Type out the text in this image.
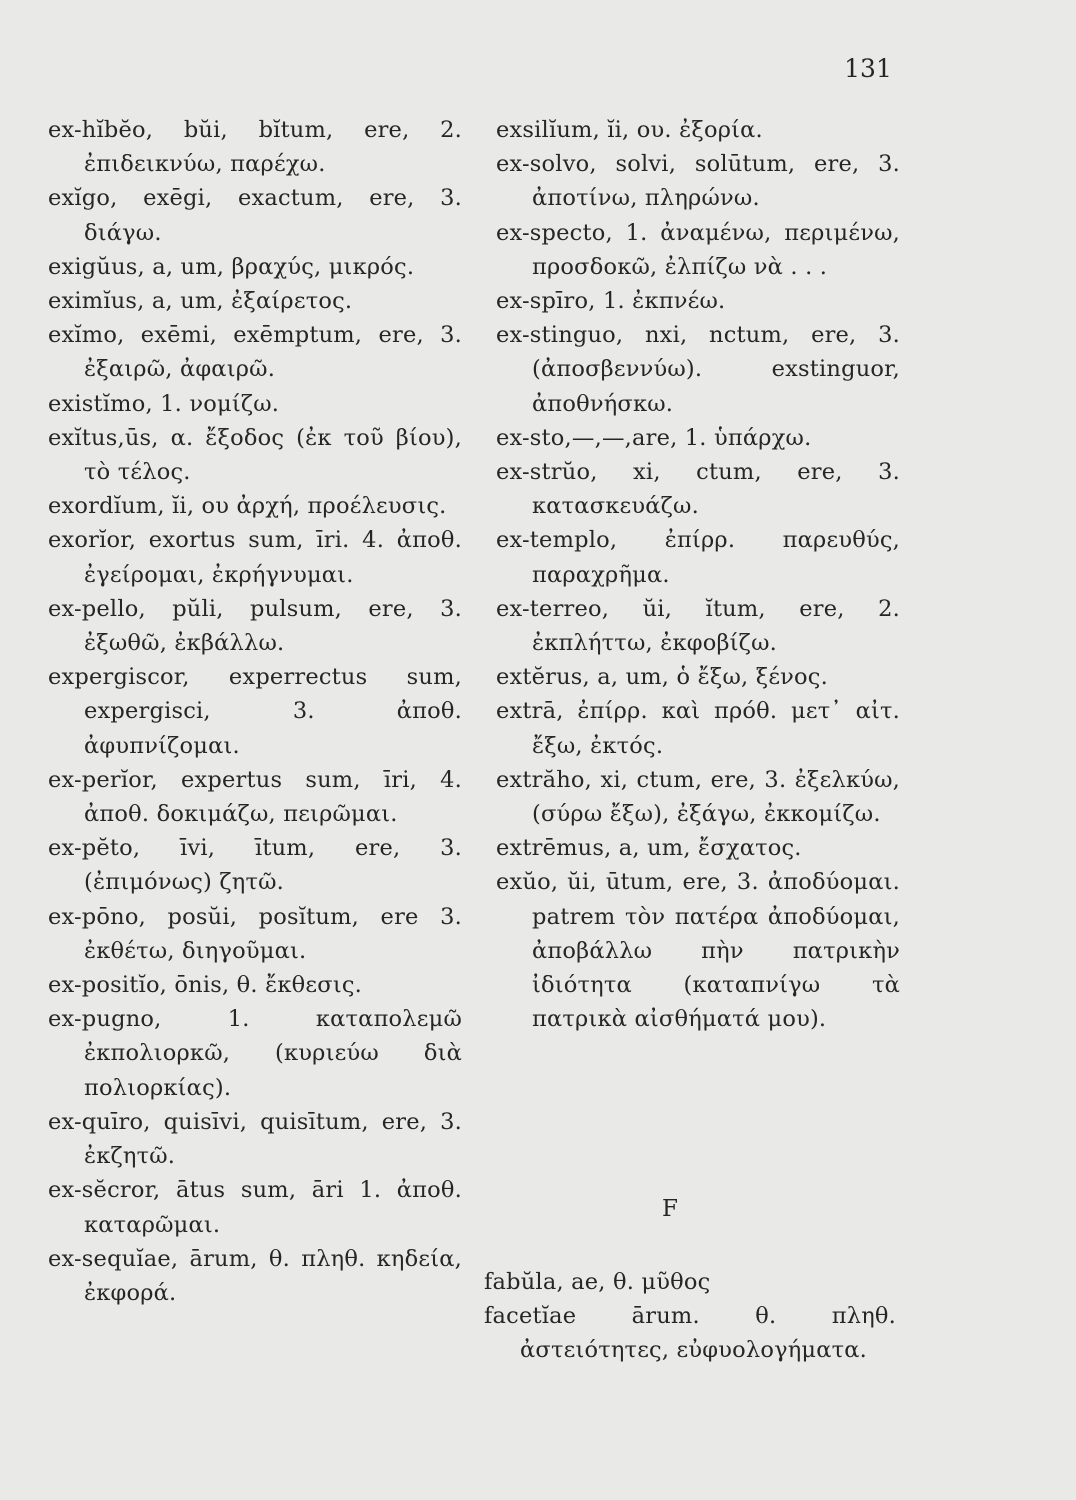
131

ex-hĭbĕo, bŭi, bĭtum, ere, 2. ἐπιδεικνύω, παρέχω.

exĭgo, exēgi, exactum, ere, 3. διάγω.

exigŭus, a, um, βραχύς, μικρός.

eximĭus, a, um, ἐξαίρετος.

exĭmo, exēmi, exēmptum, ere, 3. ἐξαιρῶ, ἀφαιρῶ.

existĭmo, 1. νομίζω.

exĭtus,ūs, α. ἔξοδος (ἐκ τοῦ βίου), τὸ τέλος.

exordĭum, ĭi, ου ἀρχή, προέλευσις.

exorĭor, exortus sum, īri. 4. ἀποθ. ἐγείρομαι, ἐκρήγνυμαι.

ex-pello, pŭli, pulsum, ere, 3. ἐξωθῶ, ἐκβάλλω.

expergiscor, experrectus sum, expergisci, 3. ἀποθ. ἀφυπνίζομαι.

ex-perĭor, expertus sum, īri, 4. ἀποθ. δοκιμάζω, πειρῶμαι.

ex-pĕto, īvi, ītum, ere, 3. (ἐπιμόνως) ζητῶ.

ex-pōno, posŭi, posĭtum, ere 3. ἐκθέτω, διηγοῦμαι.

ex-positĭo, ōnis, θ. ἔκθεσις.

ex-pugno, 1. καταπολεμῶ ἐκπολιορκῶ, (κυριεύω διὰ πολιορκίας).

ex-quīro, quisīvi, quisītum, ere, 3. ἐκζητῶ.

ex-sĕcror, ātus sum, āri 1. ἀποθ. καταρῶμαι.

ex-sequĭae, ārum, θ. πληθ. κηδεία, ἐκφορά.

exsilĭum, ĭi, ου. ἐξορία.

ex-solvo, solvi, solūtum, ere, 3. ἀποτίνω, πληρώνω.

ex-specto, 1. ἀναμένω, περιμένω, προσδοκῶ, ἐλπίζω νὰ . . .

ex-spīro, 1. ἐκπνέω.

ex-stinguo, nxi, nctum, ere, 3. (ἀποσβεννύω). exstinguor, ἀποθνήσκω.

ex-sto,—,—,are, 1. ὑπάρχω.

ex-strŭo, xi, ctum, ere, 3. κατασκευάζω.

ex-templo, ἐπίρρ. παρευθύς, παραχρῆμα.

ex-terreo, ŭi, ĭtum, ere, 2. ἐκπλήττω, ἐκφοβίζω.

extĕrus, a, um, ὁ ἔξω, ξένος.

extrā, ἐπίρρ. καὶ πρόθ. μετ᾽ αἰτ. ἔξω, ἐκτός.

extrăho, xi, ctum, ere, 3. ἐξελκύω, (σύρω ἔξω), ἐξάγω, ἐκκομίζω.

extrēmus, a, um, ἔσχατος.

exŭo, ŭi, ūtum, ere, 3. ἀποδύομαι. patrem τὸν πατέρα ἀποδύομαι, ἀποβάλλω πὴν πατρικὴν ἰδιότητα (καταπνίγω τὰ πατρικὰ αἰσθήματά μου).

F

fabŭla, ae, θ. μῦθος

facetĭae ārum. θ. πληθ. ἀστειότητες, εὐφυολογήματα.
